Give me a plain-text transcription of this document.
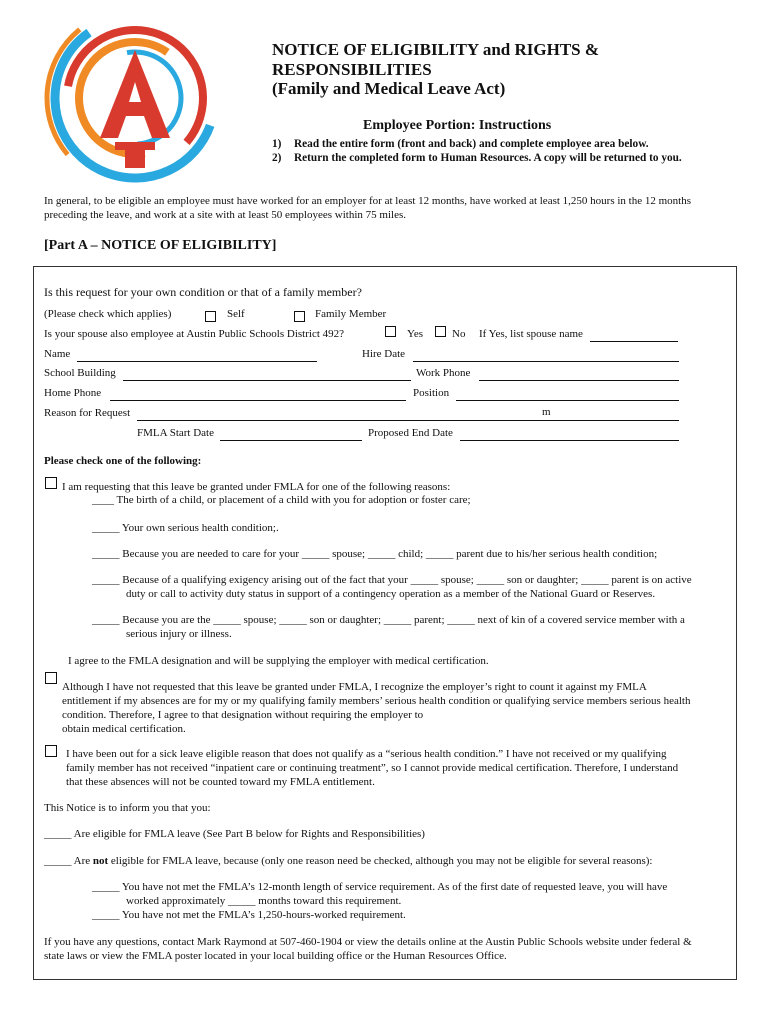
NOTICE OF ELIGIBILITY and RIGHTS &
RESPONSIBILITIES
(Family and Medical Leave Act)
Employee Portion: Instructions
1) Read the entire form (front and back) and complete employee area below.
2) Return the completed form to Human Resources. A copy will be returned to you.
In general, to be eligible an employee must have worked for an employer for at least 12 months, have worked at least 1,250 hours in the 12 months preceding the leave, and work at a site with at least 50 employees within 75 miles.
[Part A – NOTICE OF ELIGIBILITY]
Is this request for your own condition or that of a family member?
(Please check which applies)	Self	Family Member
Is your spouse also employee at Austin Public Schools District 492?	Yes	No If Yes, list spouse name
Name	Hire Date
School Building	Work Phone
Home Phone	Position
Reason for Request	m
FMLA Start Date	Proposed End Date
Please check one of the following:
I am requesting that this leave be granted under FMLA for one of the following reasons:
____ The birth of a child, or placement of a child with you for adoption or foster care;
_____ Your own serious health condition;.
_____ Because you are needed to care for your _____ spouse; _____ child; _____ parent due to his/her serious health condition;
_____ Because of a qualifying exigency arising out of the fact that your _____ spouse; _____ son or daughter; _____ parent is on active
duty or call to activity duty status in support of a contingency operation as a member of the National Guard or Reserves.
_____ Because you are the _____ spouse; _____ son or daughter; _____ parent; _____ next of kin of a covered service member with a
serious injury or illness.
I agree to the FMLA designation and will be supplying the employer with medical certification.
Although I have not requested that this leave be granted under FMLA, I recognize the employer’s right to count it against my FMLA
entitlement if my absences are for my or my qualifying family members’ serious health condition or qualifying service members serious health
condition. Therefore, I agree to that designation without requiring the employer to
obtain medical certification.
I have been out for a sick leave eligible reason that does not qualify as a “serious health condition.” I have not received or my qualifying
family member has not received “inpatient care or continuing treatment”, so I cannot provide medical certification. Therefore, I understand
that these absences will not be counted toward my FMLA entitlement.
This Notice is to inform you that you:
_____ Are eligible for FMLA leave (See Part B below for Rights and Responsibilities)
_____ Are not eligible for FMLA leave, because (only one reason need be checked, although you may not be eligible for several reasons):
_____ You have not met the FMLA’s 12-month length of service requirement. As of the first date of requested leave, you will have
worked approximately _____ months toward this requirement.
_____ You have not met the FMLA’s 1,250-hours-worked requirement.
If you have any questions, contact Mark Raymond at 507-460-1904 or view the details online at the Austin Public Schools website under federal &
state laws or view the FMLA poster located in your local building office or the Human Resources Office.
